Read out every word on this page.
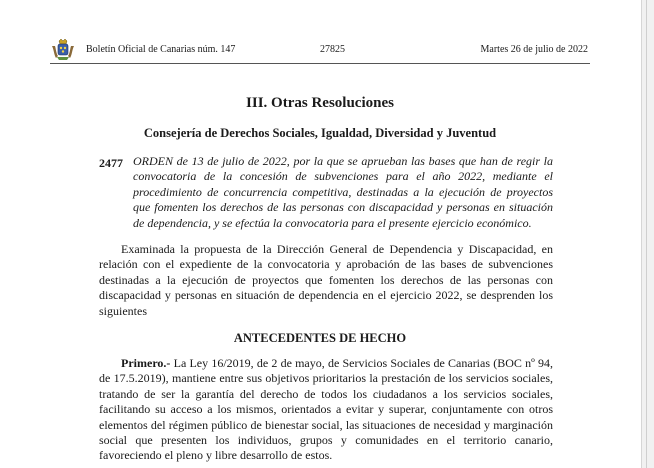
Boletín Oficial de Canarias núm. 147	27825	Martes 26 de julio de 2022
III. Otras Resoluciones
Consejería de Derechos Sociales, Igualdad, Diversidad y Juventud
2477 ORDEN de 13 de julio de 2022, por la que se aprueban las bases que han de regir la convocatoria de la concesión de subvenciones para el año 2022, mediante el procedimiento de concurrencia competitiva, destinadas a la ejecución de proyectos que fomenten los derechos de las personas con discapacidad y personas en situación de dependencia, y se efectúa la convocatoria para el presente ejercicio económico.
Examinada la propuesta de la Dirección General de Dependencia y Discapacidad, en relación con el expediente de la convocatoria y aprobación de las bases de subvenciones destinadas a la ejecución de proyectos que fomenten los derechos de las personas con discapacidad y personas en situación de dependencia en el ejercicio 2022, se desprenden los siguientes
ANTECEDENTES DE HECHO
Primero.- La Ley 16/2019, de 2 de mayo, de Servicios Sociales de Canarias (BOC nº 94, de 17.5.2019), mantiene entre sus objetivos prioritarios la prestación de los servicios sociales, tratando de ser la garantía del derecho de todos los ciudadanos a los servicios sociales, facilitando su acceso a los mismos, orientados a evitar y superar, conjuntamente con otros elementos del régimen público de bienestar social, las situaciones de necesidad y marginación social que presenten los individuos, grupos y comunidades en el territorio canario, favoreciendo el pleno y libre desarrollo de estos.
